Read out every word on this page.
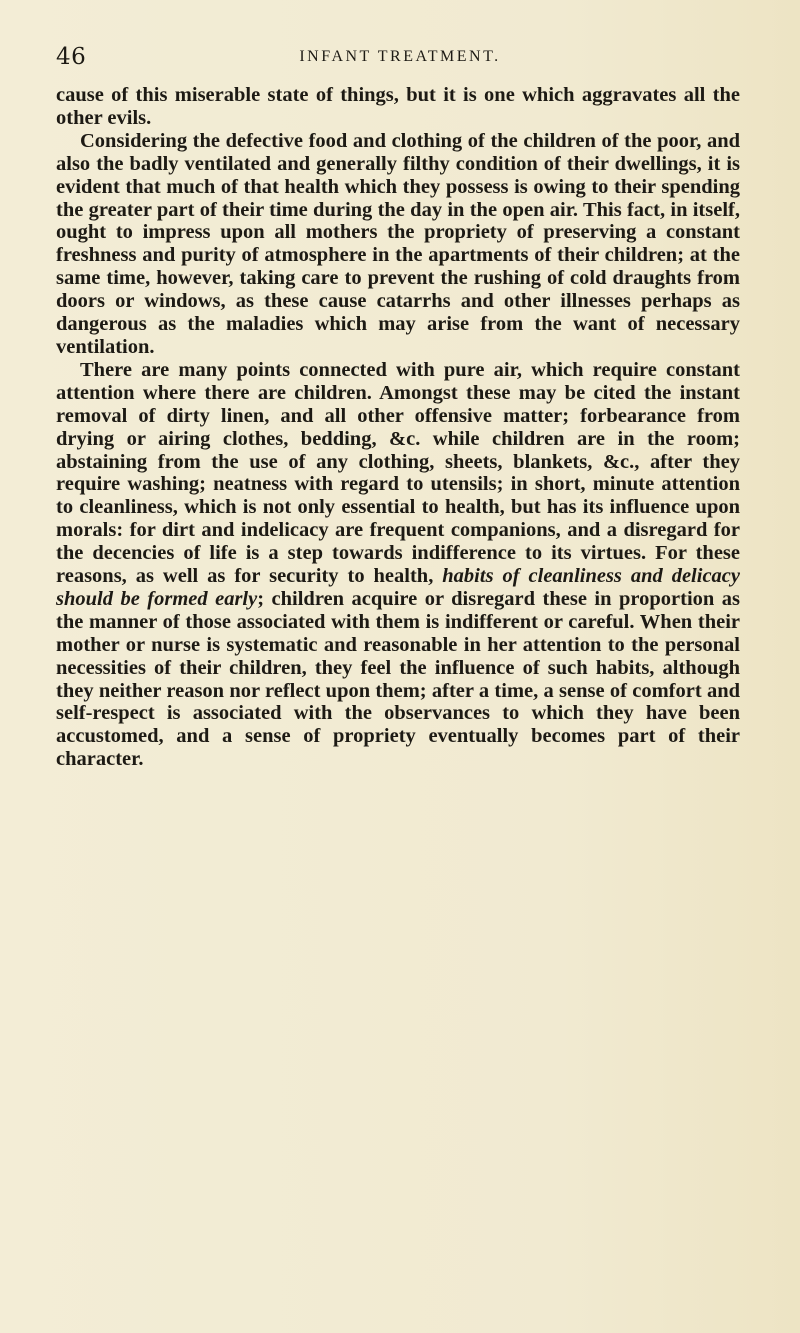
46	INFANT TREATMENT.

cause of this miserable state of things, but it is one which aggravates all the other evils.

Considering the defective food and clothing of the children of the poor, and also the badly ventilated and generally filthy condition of their dwellings, it is evident that much of that health which they possess is owing to their spending the greater part of their time during the day in the open air. This fact, in itself, ought to impress upon all mothers the propriety of preserving a constant freshness and purity of atmosphere in the apartments of their children; at the same time, however, taking care to prevent the rushing of cold draughts from doors or windows, as these cause catarrhs and other illnesses perhaps as dangerous as the maladies which may arise from the want of necessary ventilation.

There are many points connected with pure air, which require constant attention where there are children. Amongst these may be cited the instant removal of dirty linen, and all other offensive matter; forbearance from drying or airing clothes, bedding, &c. while children are in the room; abstaining from the use of any clothing, sheets, blankets, &c., after they require washing; neatness with regard to utensils; in short, minute attention to cleanliness, which is not only essential to health, but has its influence upon morals: for dirt and indelicacy are frequent companions, and a disregard for the decencies of life is a step towards indifference to its virtues. For these reasons, as well as for security to health, habits of cleanliness and delicacy should be formed early; children acquire or disregard these in proportion as the manner of those associated with them is indifferent or careful. When their mother or nurse is systematic and reasonable in her attention to the personal necessities of their children, they feel the influence of such habits, although they neither reason nor reflect upon them; after a time, a sense of comfort and self-respect is associated with the observances to which they have been accustomed, and a sense of propriety eventually becomes part of their character.
